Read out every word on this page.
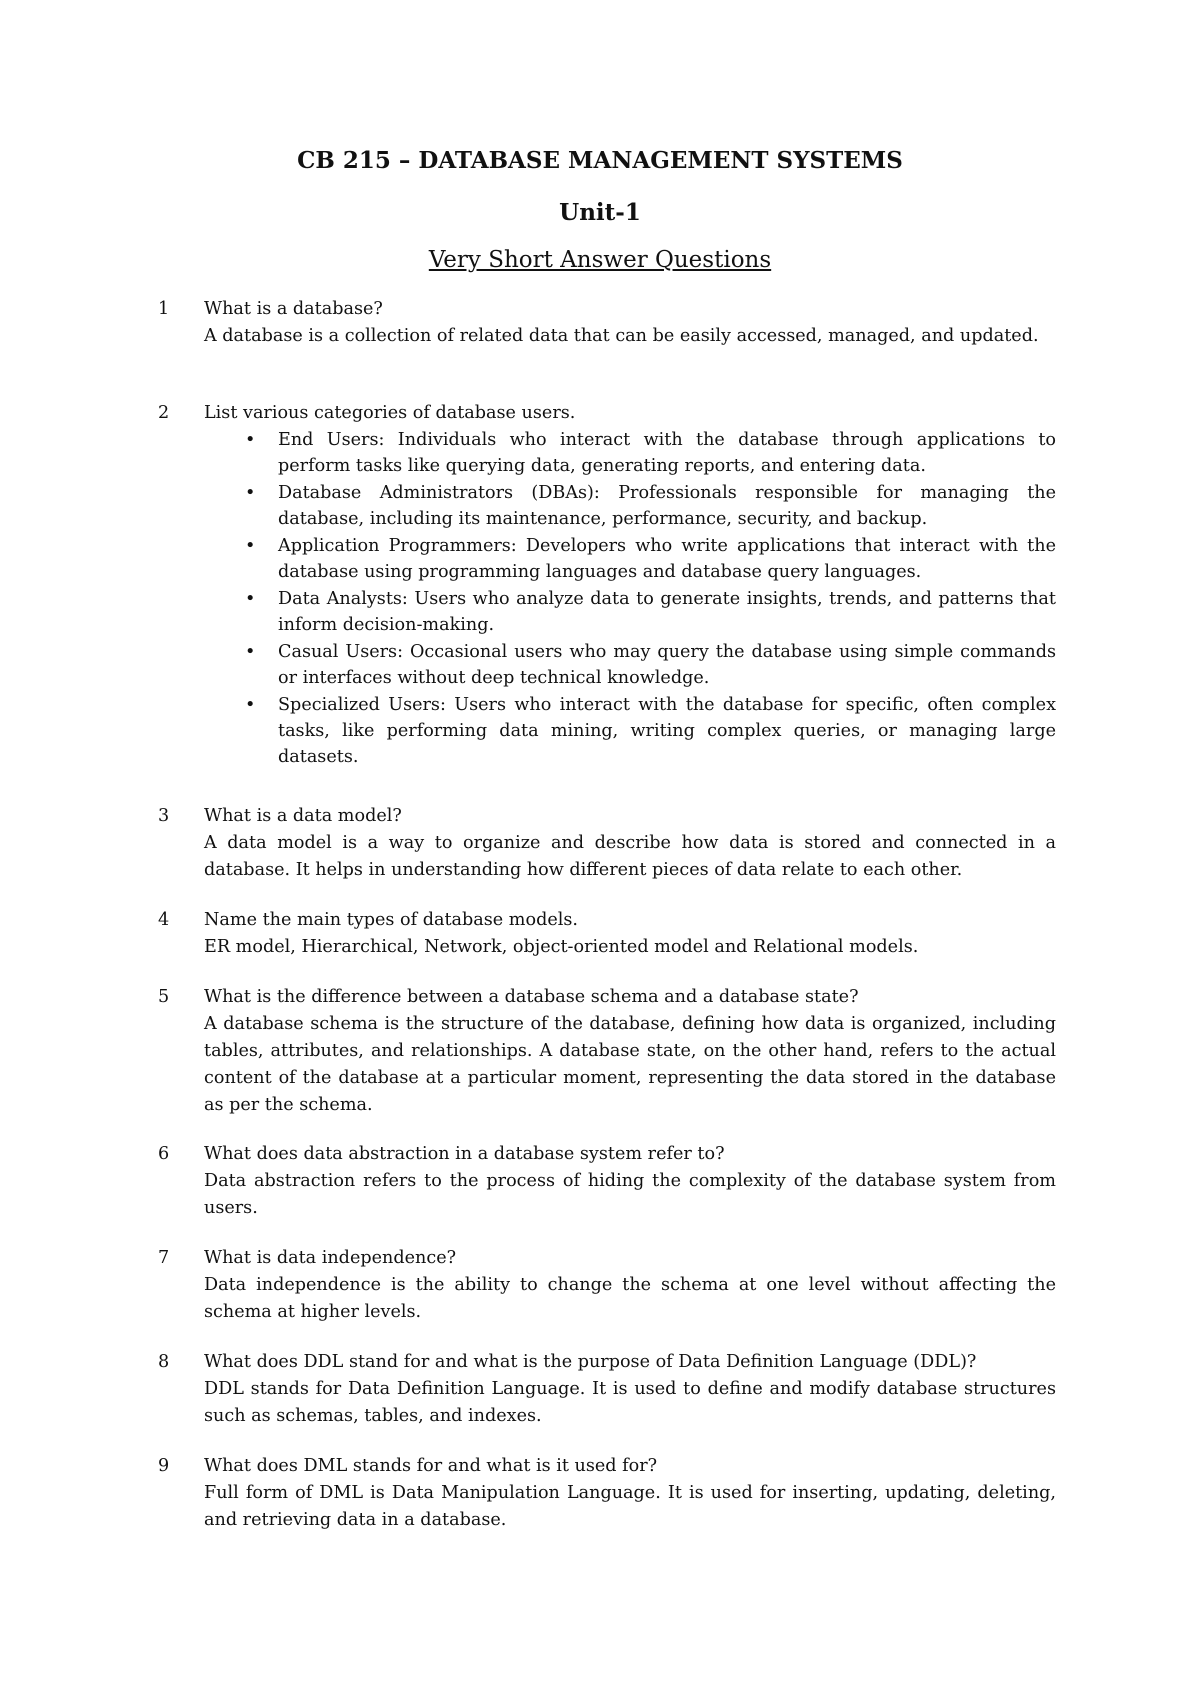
CB 215 – DATABASE MANAGEMENT SYSTEMS
Unit-1
Very Short Answer Questions
1 What is a database?
A database is a collection of related data that can be easily accessed, managed, and updated.
2 List various categories of database users.
• End Users: Individuals who interact with the database through applications to perform tasks like querying data, generating reports, and entering data.
• Database Administrators (DBAs): Professionals responsible for managing the database, including its maintenance, performance, security, and backup.
• Application Programmers: Developers who write applications that interact with the database using programming languages and database query languages.
• Data Analysts: Users who analyze data to generate insights, trends, and patterns that inform decision-making.
• Casual Users: Occasional users who may query the database using simple commands or interfaces without deep technical knowledge.
• Specialized Users: Users who interact with the database for specific, often complex tasks, like performing data mining, writing complex queries, or managing large datasets.
3 What is a data model?
A data model is a way to organize and describe how data is stored and connected in a database. It helps in understanding how different pieces of data relate to each other.
4 Name the main types of database models.
ER model, Hierarchical, Network, object-oriented model and Relational models.
5 What is the difference between a database schema and a database state?
A database schema is the structure of the database, defining how data is organized, including tables, attributes, and relationships. A database state, on the other hand, refers to the actual content of the database at a particular moment, representing the data stored in the database as per the schema.
6 What does data abstraction in a database system refer to?
Data abstraction refers to the process of hiding the complexity of the database system from users.
7 What is data independence?
Data independence is the ability to change the schema at one level without affecting the schema at higher levels.
8 What does DDL stand for and what is the purpose of Data Definition Language (DDL)?
DDL stands for Data Definition Language. It is used to define and modify database structures such as schemas, tables, and indexes.
9 What does DML stands for and what is it used for?
Full form of DML is Data Manipulation Language. It is used for inserting, updating, deleting, and retrieving data in a database.
